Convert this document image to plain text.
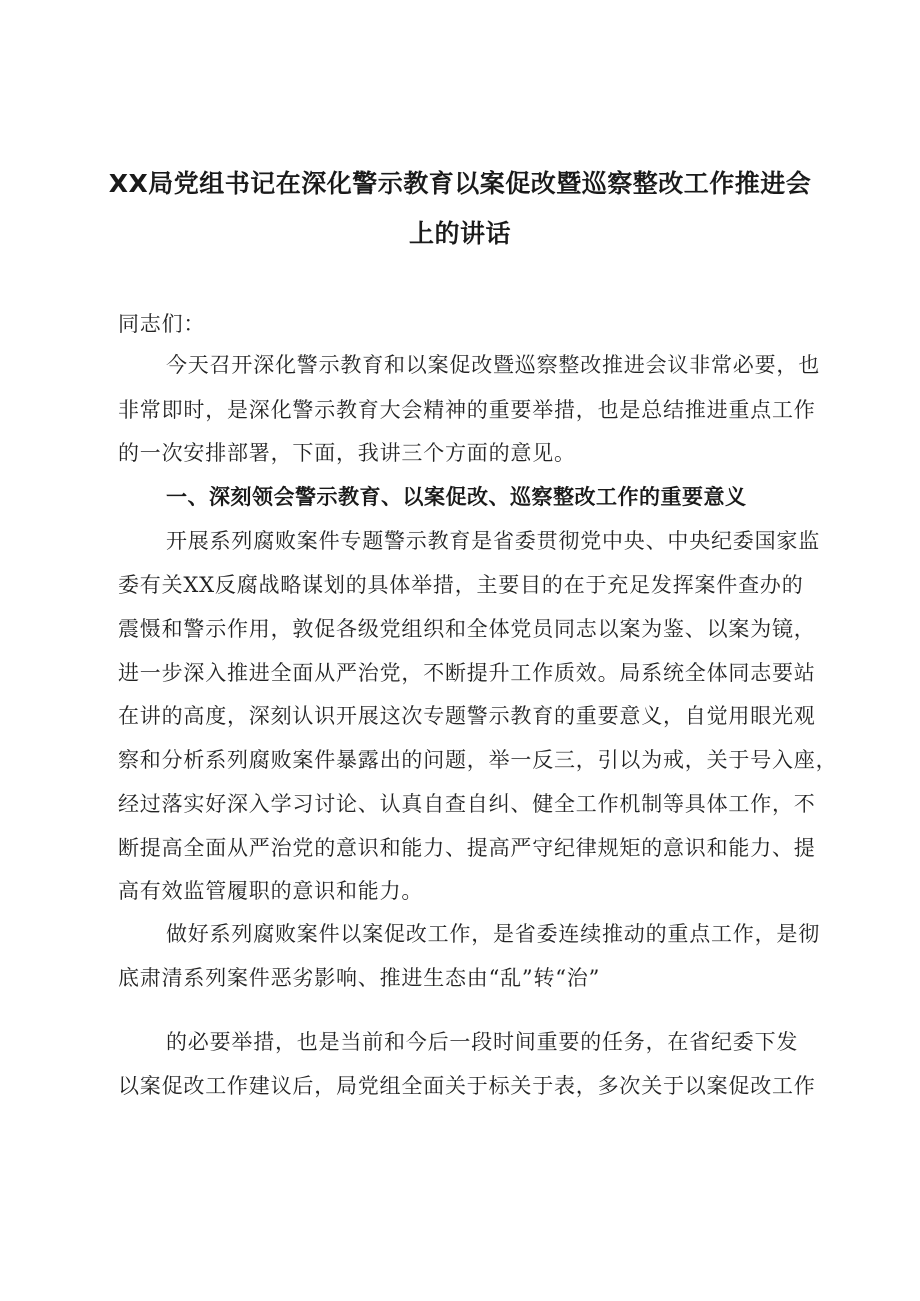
XX局党组书记在深化警示教育以案促改暨巡察整改工作推进会
上的讲话
同志们：
今天召开深化警示教育和以案促改暨巡察整改推进会议非常必要，也
非常即时，是深化警示教育大会精神的重要举措，也是总结推进重点工作
的一次安排部署，下面，我讲三个方面的意见。
一、深刻领会警示教育、以案促改、巡察整改工作的重要意义
开展系列腐败案件专题警示教育是省委贯彻党中央、中央纪委国家监
委有关XX反腐战略谋划的具体举措，主要目的在于充足发挥案件查办的
震慑和警示作用，敦促各级党组织和全体党员同志以案为鉴、以案为镜，
进一步深入推进全面从严治党，不断提升工作质效。局系统全体同志要站
在讲的高度，深刻认识开展这次专题警示教育的重要意义，自觉用眼光观
察和分析系列腐败案件暴露出的问题，举一反三，引以为戒，关于号入座，
经过落实好深入学习讨论、认真自查自纠、健全工作机制等具体工作，不
断提高全面从严治党的意识和能力、提高严守纪律规矩的意识和能力、提
高有效监管履职的意识和能力。
做好系列腐败案件以案促改工作，是省委连续推动的重点工作，是彻
底肃清系列案件恶劣影响、推进生态由“乱”转“治”
的必要举措，也是当前和今后一段时间重要的任务，在省纪委下发
以案促改工作建议后，局党组全面关于标关于表，多次关于以案促改工作
